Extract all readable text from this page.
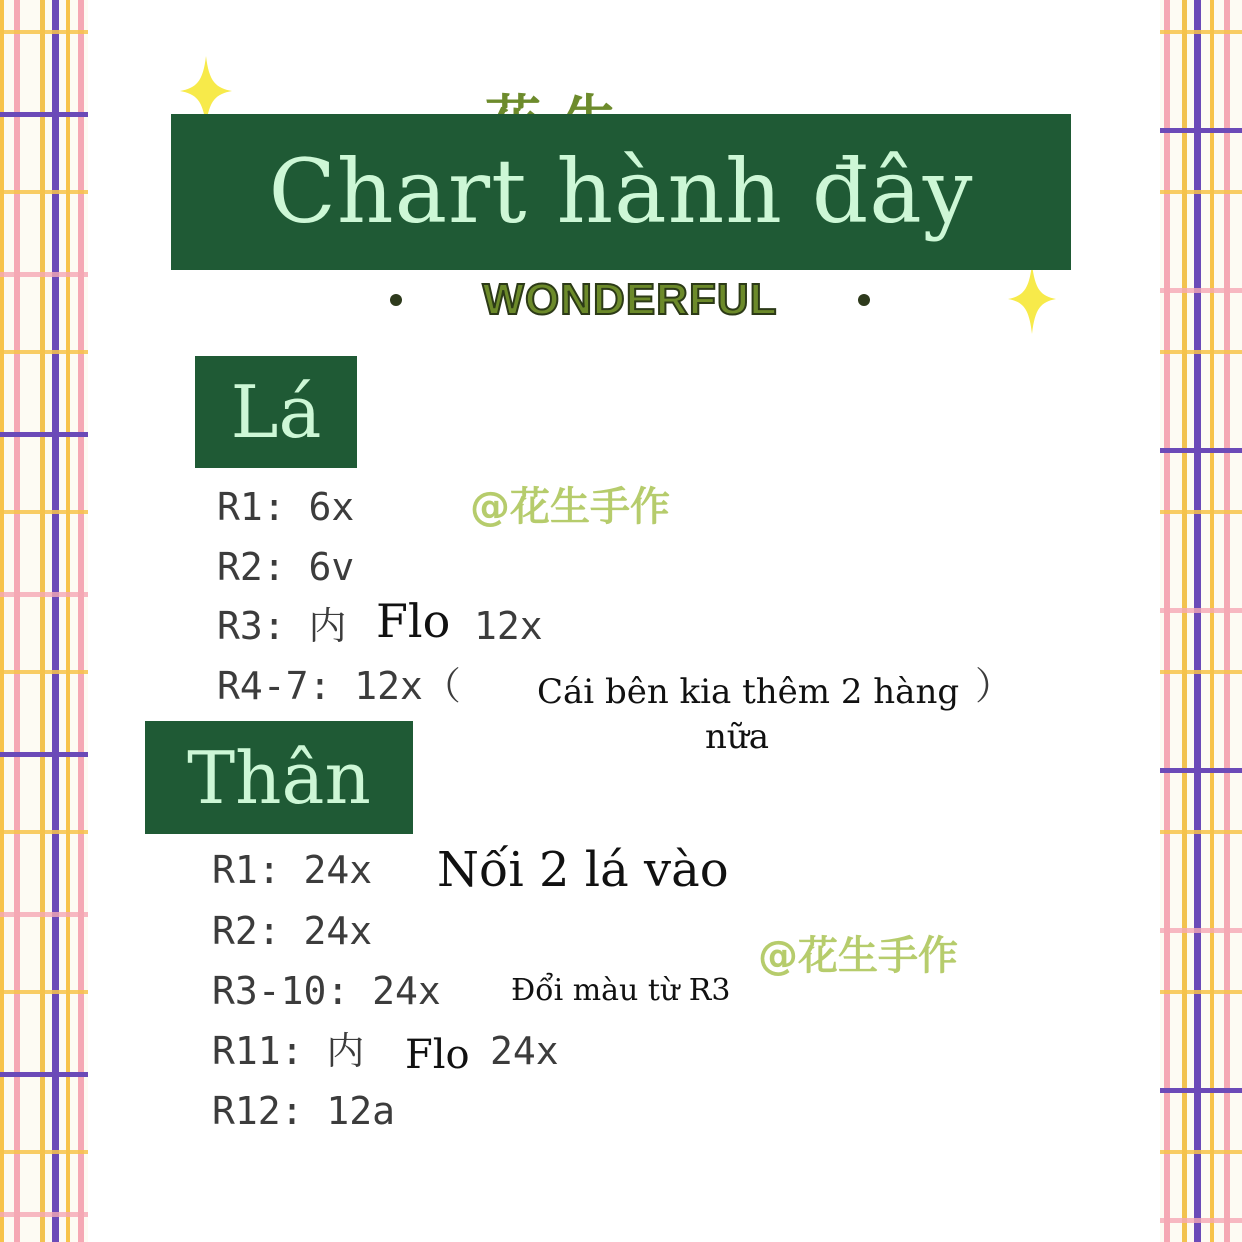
Chart hành đây
WONDERFUL
Lá
R1: 6x	@花生手作
R2: 6v
R3: 内 Flo 12x
R4-7: 12x（	）
Cái bên kia thêm 2 hàng
nữa
Thân
R1: 24x Nối 2 lá vào
R2: 24x
@花生手作
R3-10: 24x Đổi màu từ R3
R11: 内 Flo 24x
R12: 12a
